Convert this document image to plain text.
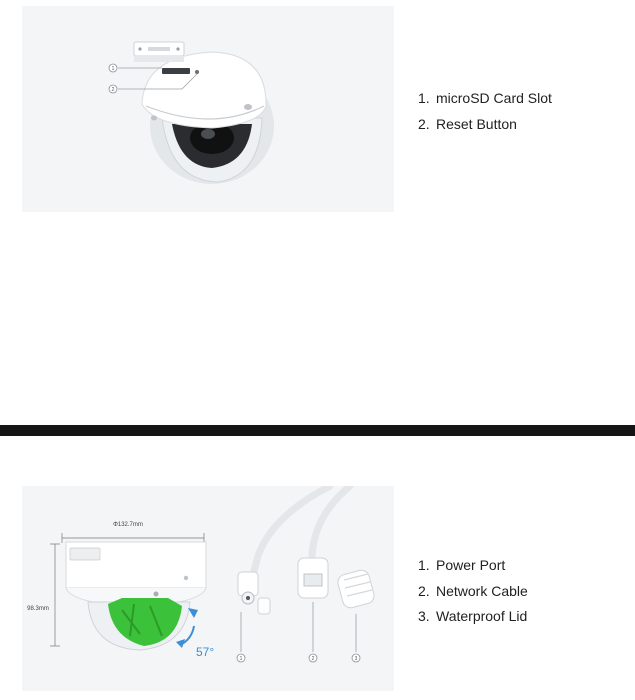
1
2	1. microSD Card Slot
2. Reset Button
Φ132.7mm
98.3mm
57°	1	2	3
1. Power Port
2. Network Cable
3. Waterproof Lid
